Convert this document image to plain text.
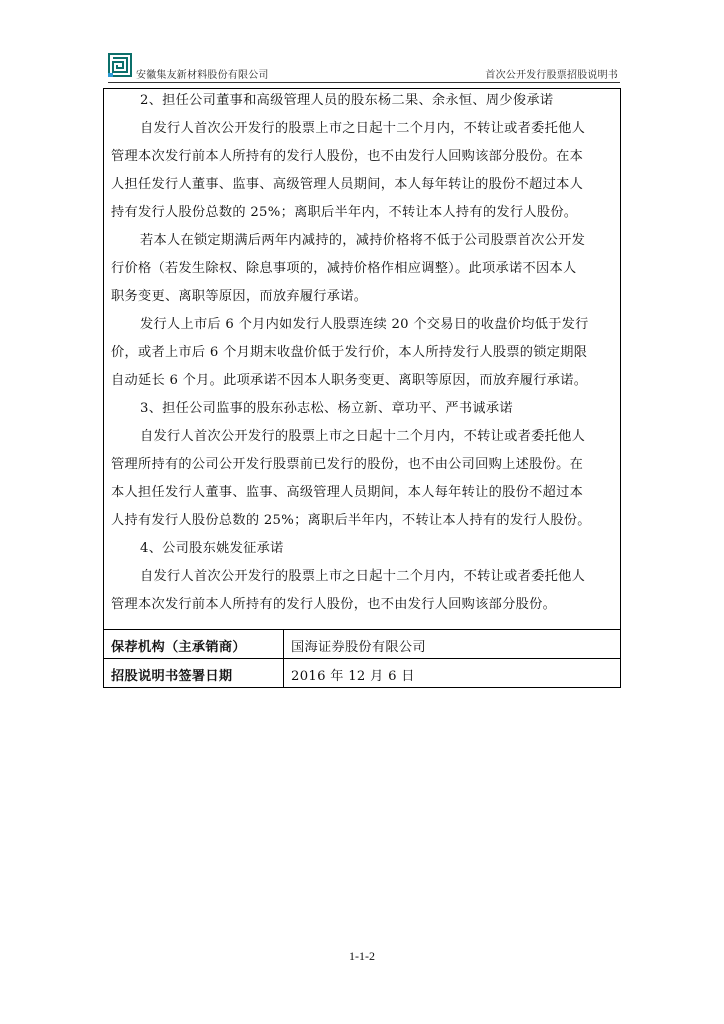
安徽集友新材料股份有限公司	首次公开发行股票招股说明书
2、担任公司董事和高级管理人员的股东杨二果、余永恒、周少俊承诺
自发行人首次公开发行的股票上市之日起十二个月内，不转让或者委托他人
管理本次发行前本人所持有的发行人股份，也不由发行人回购该部分股份。在本
人担任发行人董事、监事、高级管理人员期间，本人每年转让的股份不超过本人
持有发行人股份总数的 25%；离职后半年内，不转让本人持有的发行人股份。
若本人在锁定期满后两年内减持的，减持价格将不低于公司股票首次公开发
行价格（若发生除权、除息事项的，减持价格作相应调整）。此项承诺不因本人
职务变更、离职等原因，而放弃履行承诺。
发行人上市后 6 个月内如发行人股票连续 20 个交易日的收盘价均低于发行
价，或者上市后 6 个月期末收盘价低于发行价，本人所持发行人股票的锁定期限
自动延长 6 个月。此项承诺不因本人职务变更、离职等原因，而放弃履行承诺。
3、担任公司监事的股东孙志松、杨立新、章功平、严书诚承诺
自发行人首次公开发行的股票上市之日起十二个月内，不转让或者委托他人
管理所持有的公司公开发行股票前已发行的股份，也不由公司回购上述股份。在
本人担任发行人董事、监事、高级管理人员期间，本人每年转让的股份不超过本
人持有发行人股份总数的 25%；离职后半年内，不转让本人持有的发行人股份。
4、公司股东姚发征承诺
自发行人首次公开发行的股票上市之日起十二个月内，不转让或者委托他人
管理本次发行前本人所持有的发行人股份，也不由发行人回购该部分股份。
保荐机构（主承销商）	国海证券股份有限公司
招股说明书签署日期	2016 年 12 月 6 日
1-1-2
